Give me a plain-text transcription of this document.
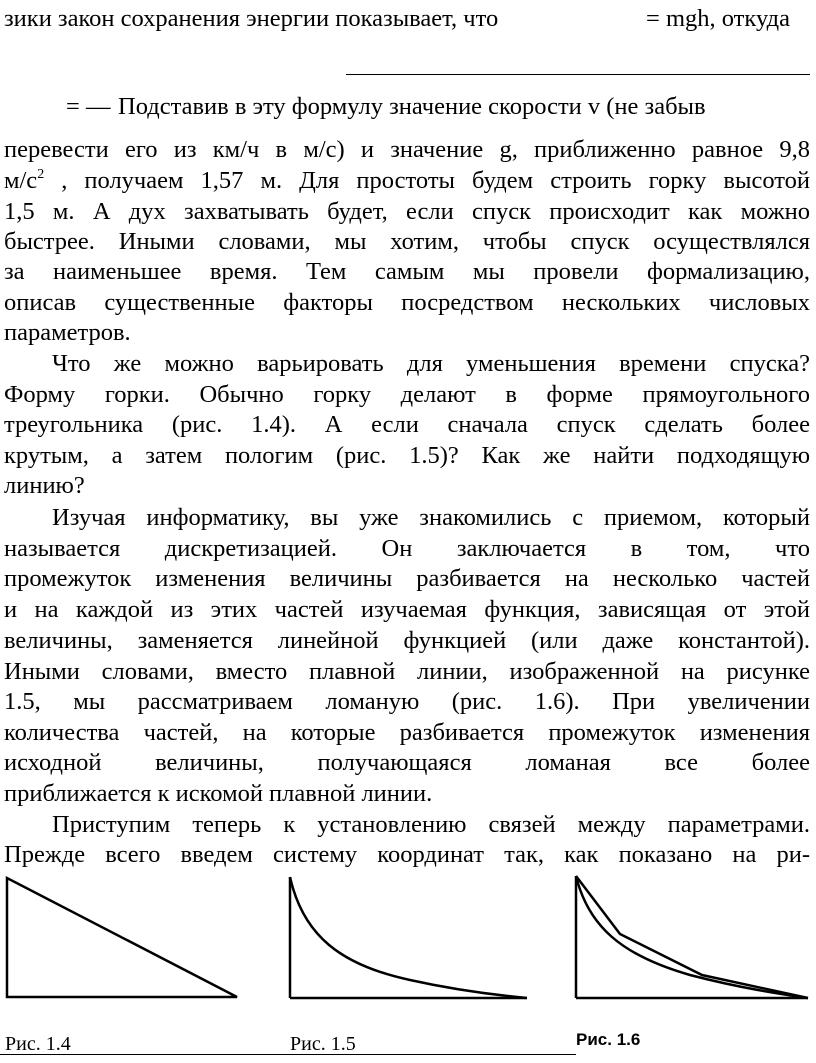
зики закон сохранения энергии показывает, что	= mgh, откуда
= — Подставив в эту формулу значение скорости v (не забыв
перевести его из км/ч в м/с) и значение g, приближенно равное 9,8
$м/с^2$ , получаем 1,57 м. Для простоты будем строить горку высотой
1,5 м. А дух захватывать будет, если спуск происходит как можно
быстрее. Иными словами, мы хотим, чтобы спуск осуществлялся
за наименьшее время. Тем самым мы провели формализацию,
описав существенные факторы посредством нескольких числовых
параметров.
Что же можно варьировать для уменьшения времени спуска?
Форму горки. Обычно горку делают в форме прямоугольного
треугольника (рис. 1.4). А если сначала спуск сделать более
крутым, а затем пологим (рис. 1.5)? Как же найти подходящую
линию?
Изучая информатику, вы уже знакомились с приемом, который
называется дискретизацией. Он заключается в том, что
промежуток изменения величины разбивается на несколько частей
и на каждой из этих частей изучаемая функция, зависящая от этой
величины, заменяется линейной функцией (или даже константой).
Иными словами, вместо плавной линии, изображенной на рисунке
1.5, мы рассматриваем ломаную (рис. 1.6). При увеличении
количества частей, на которые разбивается промежуток изменения
исходной величины, получающаяся ломаная все более
приближается к искомой плавной линии.
Приступим теперь к установлению связей между параметрами.
Прежде всего введем систему координат так, как показано на ри-
Рис. 1.4	Рис. 1.5	Рис. 1.6
